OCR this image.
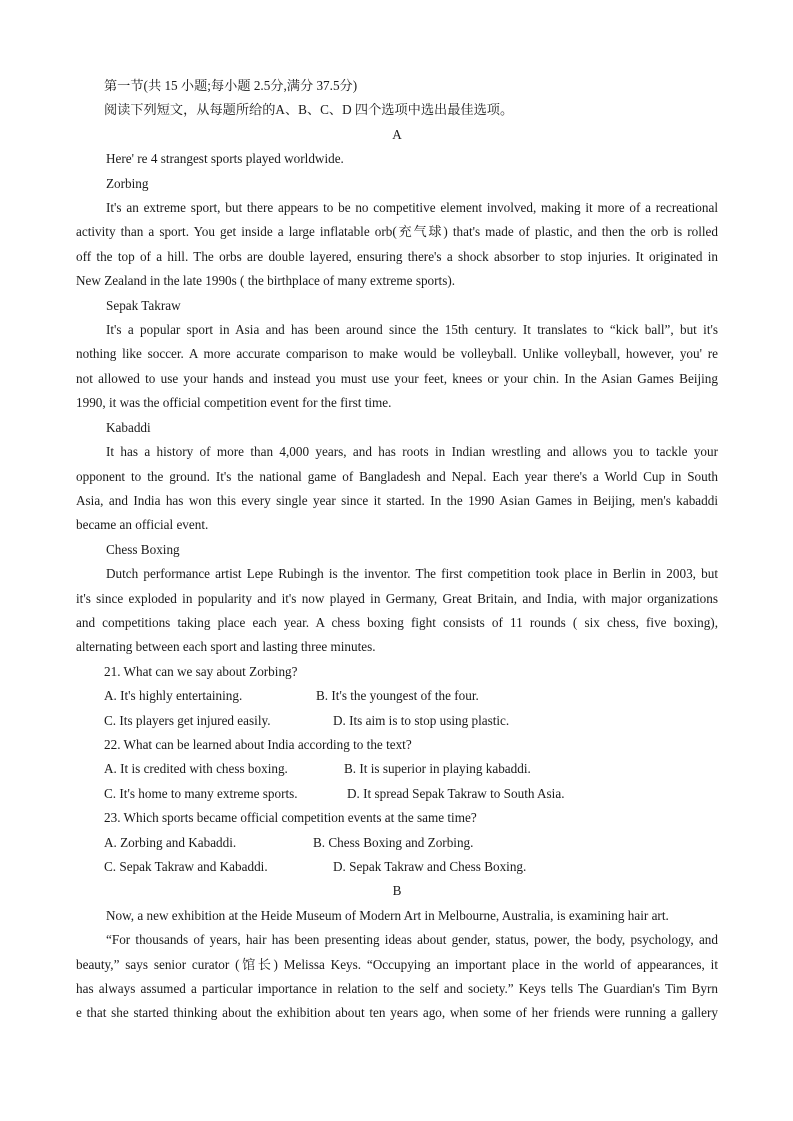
第一节(共 15 小题;每小题 2.5分,满分 37.5分)

阅读下列短文，从每题所给的A、B、C、D 四个选项中选出最佳选项。

A

Here' re 4 strangest sports played worldwide.

Zorbing

It's an extreme sport, but there appears to be no competitive element involved, making it more of a recreational

activity than a sport. You get inside a large inflatable orb(充气球) that's made of plastic, and then the orb is rolled

off the top of a hill. The orbs are double layered, ensuring there's a shock absorber to stop injuries. It originated in

New Zealand in the late 1990s ( the birthplace of many extreme sports).

Sepak Takraw

It's a popular sport in Asia and has been around since the 15th century. It translates to “kick ball”, but it's

nothing like soccer. A more accurate comparison to make would be volleyball. Unlike volleyball, however, you' re

not allowed to use your hands and instead you must use your feet, knees or your chin. In the Asian Games Beijing

1990, it was the official competition event for the first time.

Kabaddi

It has a history of more than 4,000 years, and has roots in Indian wrestling and allows you to tackle your

opponent to the ground. It's the national game of Bangladesh and Nepal. Each year there's a World Cup in South

Asia, and India has won this every single year since it started. In the 1990 Asian Games in Beijing, men's kabaddi

became an official event.

Chess Boxing

Dutch performance artist Lepe Rubingh is the inventor. The first competition took place in Berlin in 2003, but

it's since exploded in popularity and it's now played in Germany, Great Britain, and India, with major organizations

and competitions taking place each year. A chess boxing fight consists of 11 rounds ( six chess, five boxing),

alternating between each sport and lasting three minutes.

21. What can we say about Zorbing?

A. It's highly entertaining.	B. It's the youngest of the four.
C. Its players get injured easily.	D. Its aim is to stop using plastic.

22. What can be learned about India according to the text?

A. It is credited with chess boxing.	B. It is superior in playing kabaddi.
C. It's home to many extreme sports.	D. It spread Sepak Takraw to South Asia.

23. Which sports became official competition events at the same time?

A. Zorbing and Kabaddi.	B. Chess Boxing and Zorbing.
C. Sepak Takraw and Kabaddi.	D. Sepak Takraw and Chess Boxing.

B

Now, a new exhibition at the Heide Museum of Modern Art in Melbourne, Australia, is examining hair art.

“For thousands of years, hair has been presenting ideas about gender, status, power, the body, psychology, and

beauty,” says senior curator (馆长) Melissa Keys. “Occupying an important place in the world of appearances, it

has always assumed a particular importance in relation to the self and society.” Keys tells The Guardian's Tim Byrn

e that she started thinking about the exhibition about ten years ago, when some of her friends were running a gallery
